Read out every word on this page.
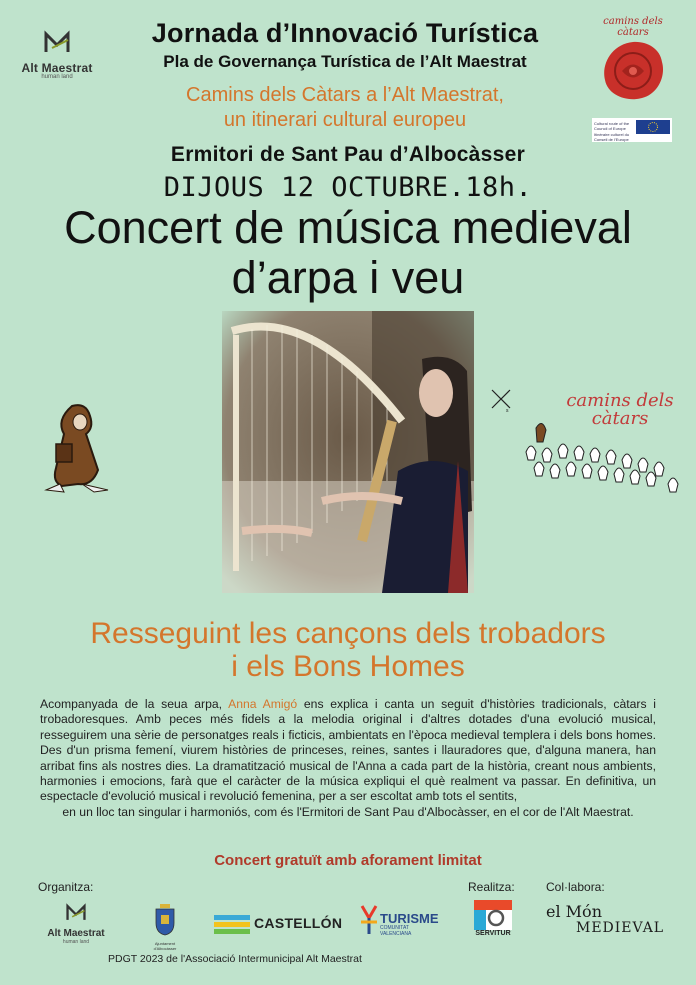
Alt Maestrat
human land
Jornada d’Innovació Turística
Pla de Governança Turística de l’Alt Maestrat
Camins dels Càtars a l’Alt Maestrat,
un itinerari cultural europeu
camins dels càtars
Cultural route of the Council of Europe
Itinéraire culturel du Conseil de l’Europe
Ermitori de Sant Pau d’Albocàsser
DIJOUS 12 OCTUBRE.18h.
Concert de música medieval
d’arpa i veu
s	camins dels càtars
Resseguint les cançons dels trobadors
i els Bons Homes
Acompanyada de la seua arpa, Anna Amigó ens explica i canta un seguit d'històries tradicionals, càtars i trobadoresques. Amb peces més fidels a la melodia original i d'altres dotades d'una evolució musical, resseguirem una sèrie de personatges reals i ficticis, ambientats en l'època medieval templera i dels bons homes. Des d'un prisma femení, viurem històries de princeses, reines, santes i llauradores que, d'alguna manera, han arribat fins als nostres dies. La dramatització musical de l'Anna a cada part de la història, creant nous ambients, harmonies i emocions, farà que el caràcter de la música expliqui el què realment va passar. En definitiva, un espectacle d'evolució musical i revolució femenina, per a ser escoltat amb tots el sentits,
en un lloc tan singular i harmoniós, com és l'Ermitori de Sant Pau d'Albocàsser, en el cor de l'Alt Maestrat.
Concert gratuït amb aforament limitat
Organitza:	Realitza:	Col·labora:
Alt Maestrat
human land	Ajuntament d'Albocàsser
CASTELLÓN	TURISME
COMUNITAT VALENCIANA	SERVITUR
el Món
MEDIEVAL
PDGT 2023 de l'Associació Intermunicipal Alt Maestrat
